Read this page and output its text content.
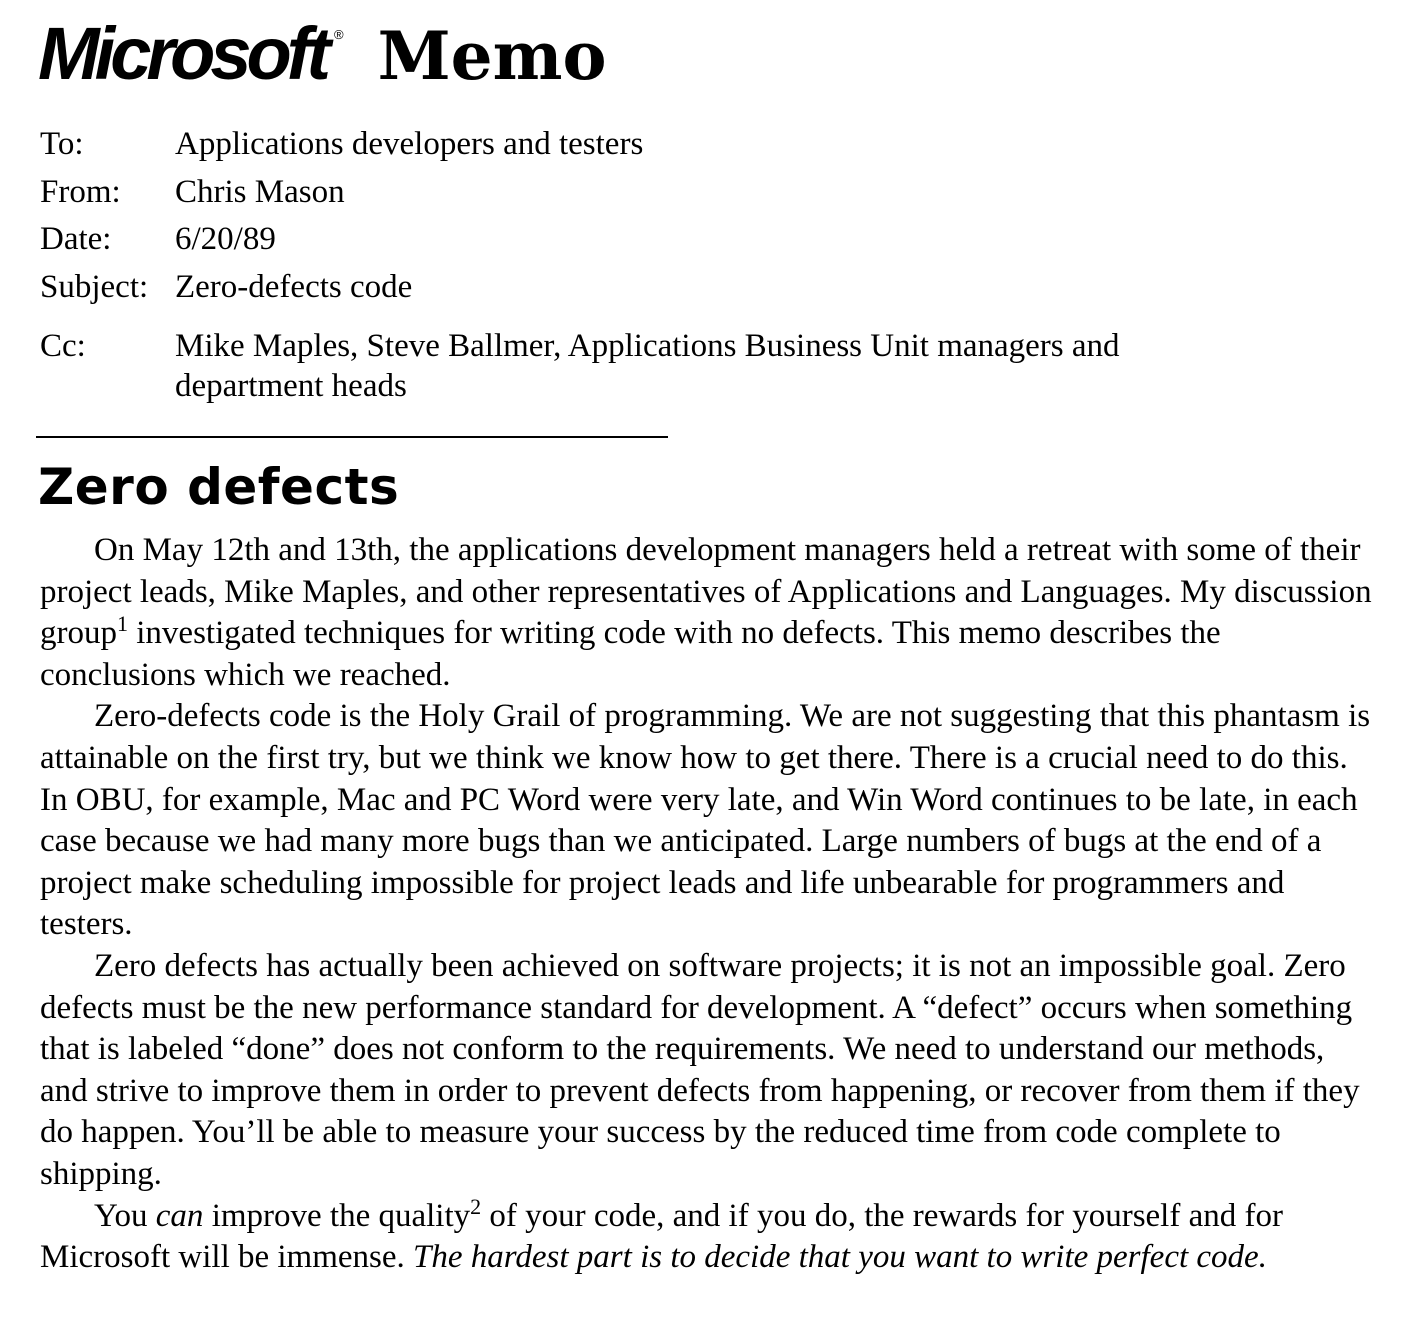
Microsoft ® Memo
To:	Applications developers and testers
From:	Chris Mason
Date:	6/20/89
Subject: Zero-defects code
Cc:	Mike Maples, Steve Ballmer, Applications Business Unit managers and department heads
Zero defects

On May 12th and 13th, the applications development managers held a retreat with some of their project leads, Mike Maples, and other representatives of Applications and Languages. My discussion group$^1$ investigated techniques for writing code with no defects. This memo describes the conclusions which we reached.

Zero-defects code is the Holy Grail of programming. We are not suggesting that this phantasm is attainable on the first try, but we think we know how to get there. There is a crucial need to do this. In OBU, for example, Mac and PC Word were very late, and Win Word continues to be late, in each case because we had many more bugs than we anticipated. Large numbers of bugs at the end of a project make scheduling impossible for project leads and life unbearable for programmers and testers.

Zero defects has actually been achieved on software projects; it is not an impossible goal. Zero defects must be the new performance standard for development. A “defect” occurs when something that is labeled “done” does not conform to the requirements. We need to understand our methods, and strive to improve them in order to prevent defects from happening, or recover from them if they do happen. You’ll be able to measure your success by the reduced time from code complete to shipping.

You can improve the quality$^2$ of your code, and if you do, the rewards for yourself and for Microsoft will be immense. The hardest part is to decide that you want to write perfect code.
